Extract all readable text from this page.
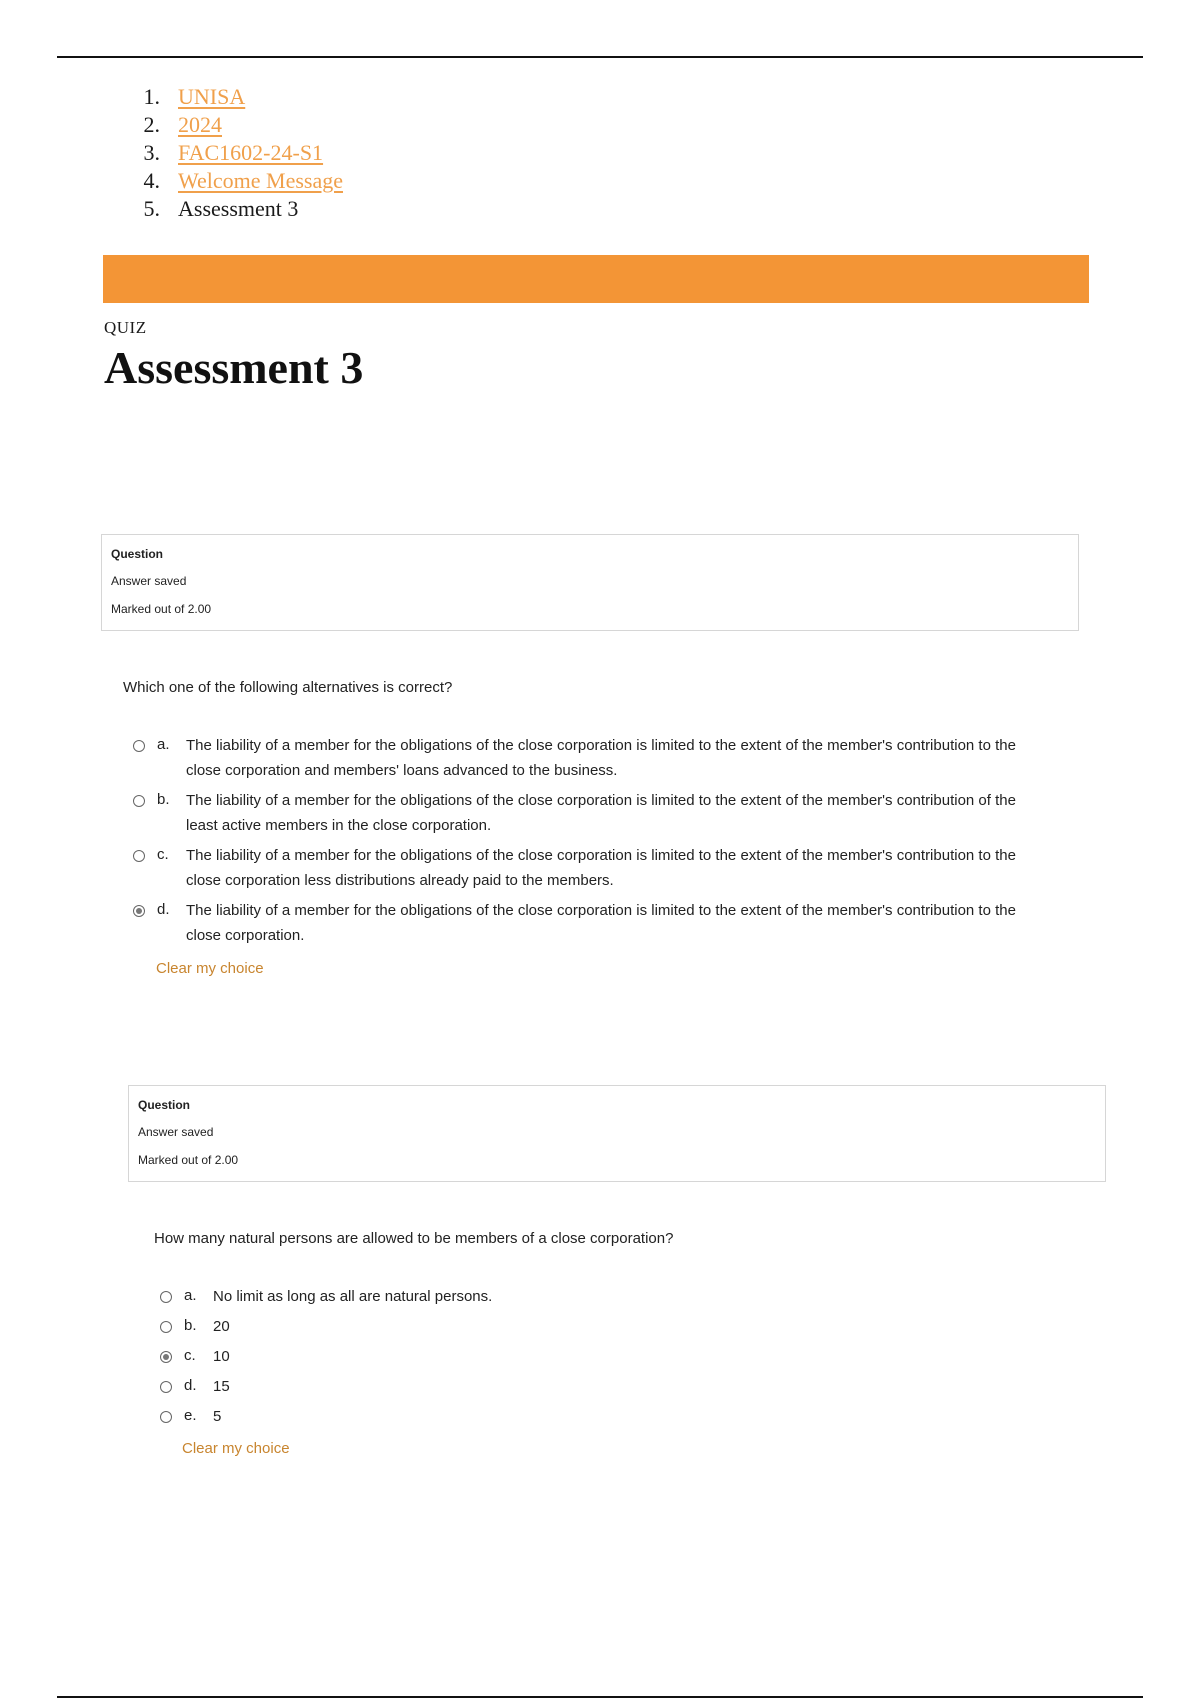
1. UNISA
2. 2024
3. FAC1602-24-S1
4. Welcome Message
5. Assessment 3
QUIZ
Assessment 3
Question
Answer saved
Marked out of 2.00
Which one of the following alternatives is correct?
a.	The liability of a member for the obligations of the close corporation is limited to the extent of the member's contribution to the close corporation and members' loans advanced to the business.
b.	The liability of a member for the obligations of the close corporation is limited to the extent of the member's contribution of the least active members in the close corporation.
c.	The liability of a member for the obligations of the close corporation is limited to the extent of the member's contribution to the close corporation less distributions already paid to the members.
d.	The liability of a member for the obligations of the close corporation is limited to the extent of the member's contribution to the close corporation.
Clear my choice
Question
Answer saved
Marked out of 2.00
How many natural persons are allowed to be members of a close corporation?
a.	No limit as long as all are natural persons.
b.	20
c.	10
d.	15
e.	5
Clear my choice
